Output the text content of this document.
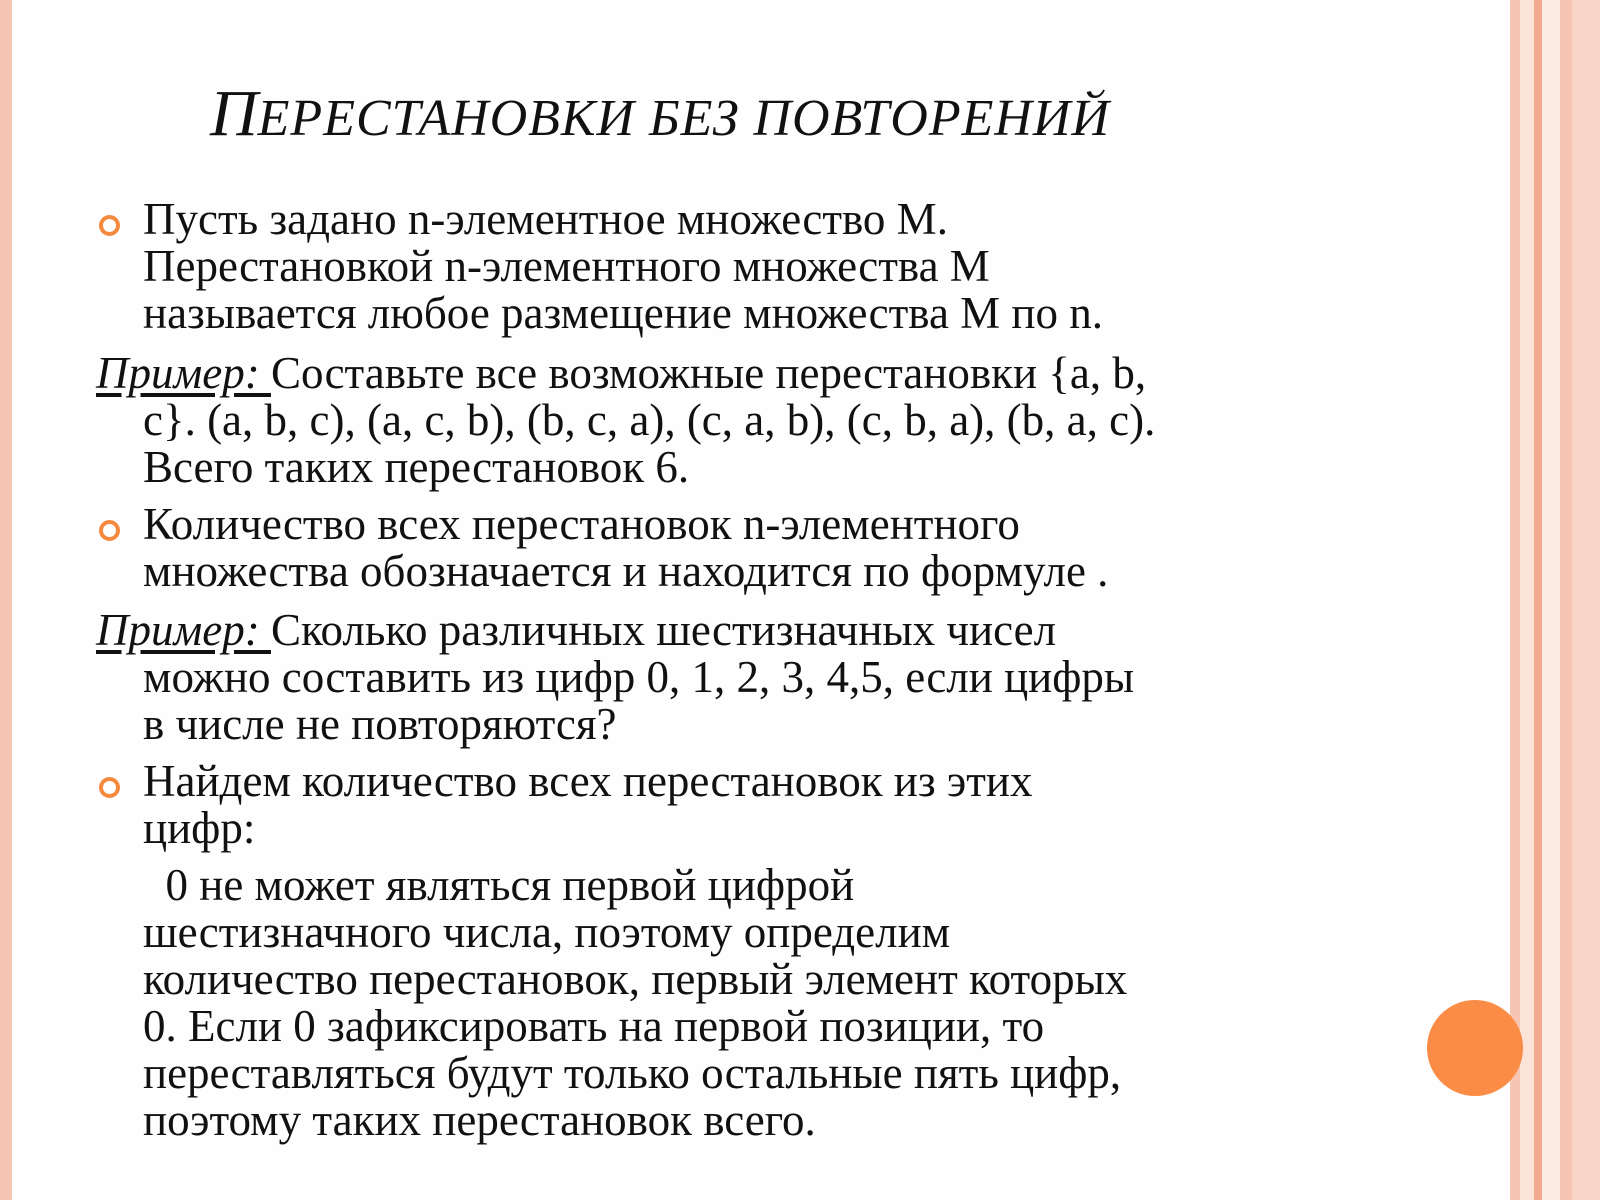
ПЕРЕСТАНОВКИ БЕЗ ПОВТОРЕНИЙ
Пусть задано n-элементное множество М.
Перестановкой n-элементного множества М
называется любое размещение множества М по n.
Пример: Составьте все возможные перестановки {a, b,
c}. (a, b, c), (a, c, b), (b, c, a), (c, a, b), (c, b, a), (b, a, c).
Всего таких перестановок 6.
Количество всех перестановок n-элементного
множества обозначается и находится по формуле .
Пример: Сколько различных шестизначных чисел
можно составить из цифр 0, 1, 2, 3, 4,5, если цифры
в числе не повторяются?
Найдем количество всех перестановок из этих
цифр:
0 не может являться первой цифрой
шестизначного числа, поэтому определим
количество перестановок, первый элемент которых
0. Если 0 зафиксировать на первой позиции, то
переставляться будут только остальные пять цифр,
поэтому таких перестановок всего.
